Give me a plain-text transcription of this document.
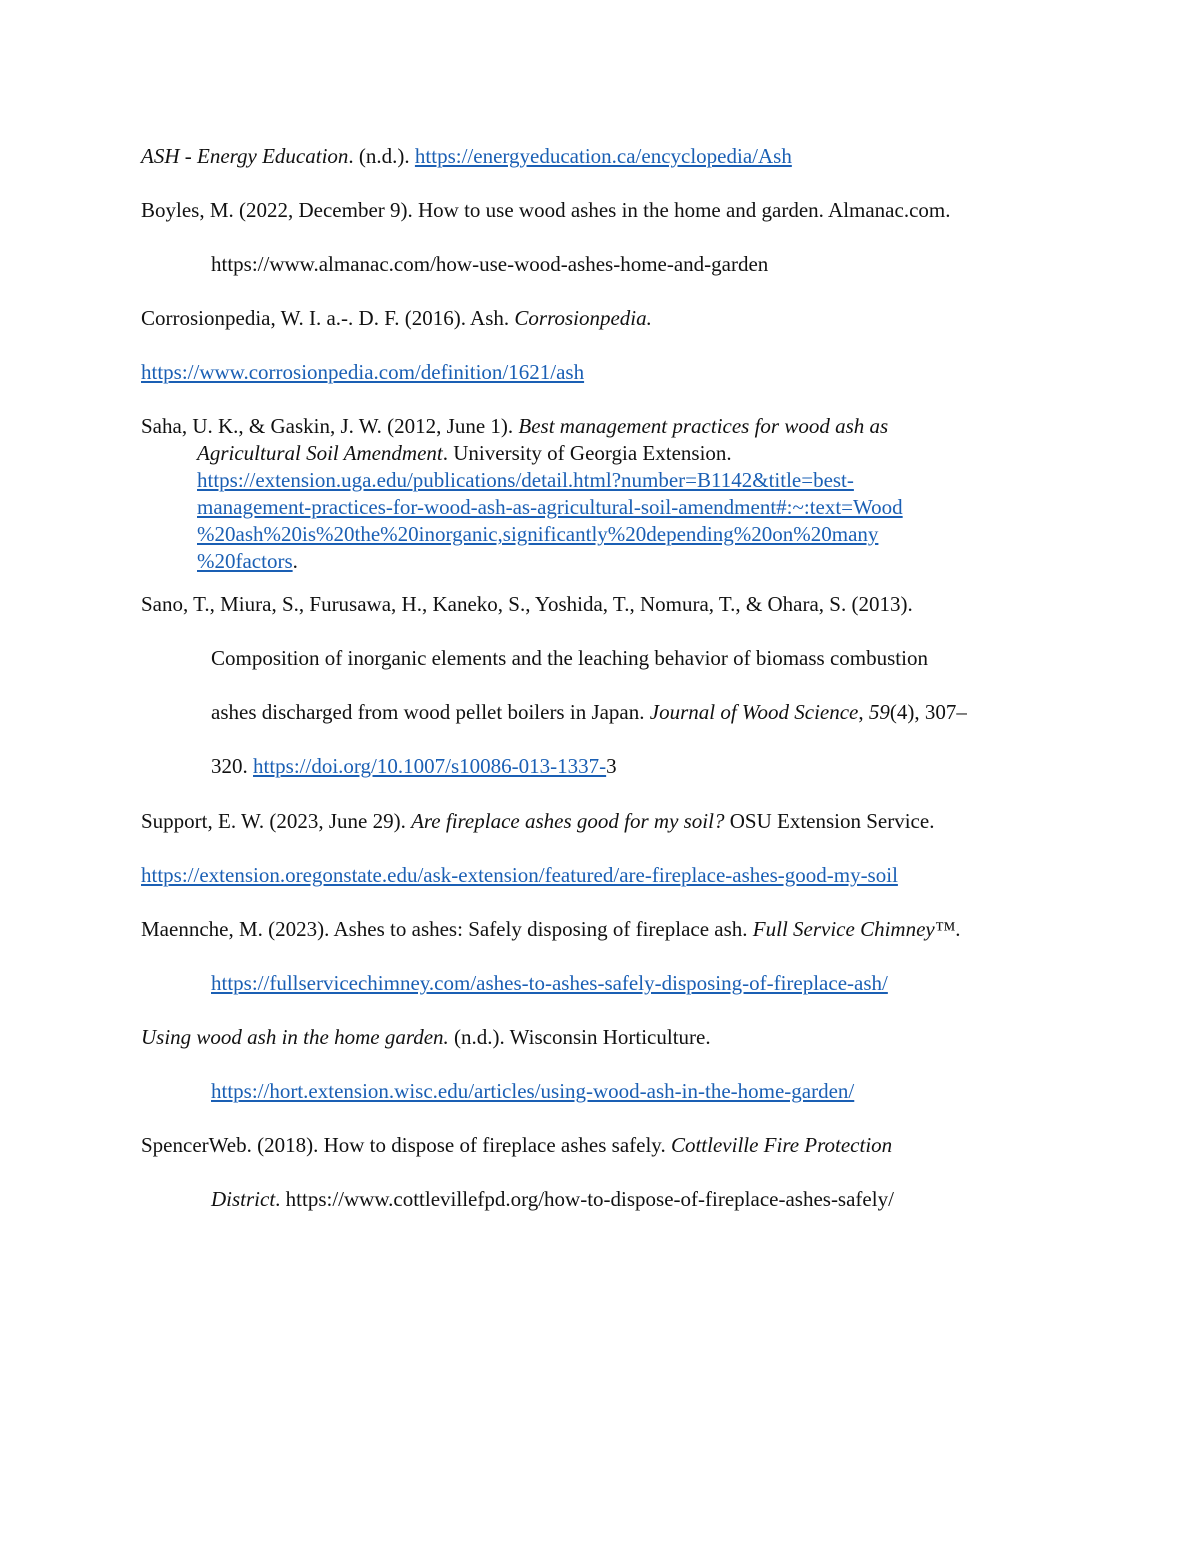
ASH - Energy Education. (n.d.). https://energyeducation.ca/encyclopedia/Ash
Boyles, M. (2022, December 9). How to use wood ashes in the home and garden. Almanac.com.
https://www.almanac.com/how-use-wood-ashes-home-and-garden
Corrosionpedia, W. I. a.-. D. F. (2016). Ash. Corrosionpedia.
https://www.corrosionpedia.com/definition/1621/ash
Saha, U. K., & Gaskin, J. W. (2012, June 1). Best management practices for wood ash as
Agricultural Soil Amendment. University of Georgia Extension.
https://extension.uga.edu/publications/detail.html?number=B1142&title=best-
management-practices-for-wood-ash-as-agricultural-soil-amendment#:~:text=Wood
%20ash%20is%20the%20inorganic,significantly%20depending%20on%20many
%20factors.
Sano, T., Miura, S., Furusawa, H., Kaneko, S., Yoshida, T., Nomura, T., & Ohara, S. (2013).
Composition of inorganic elements and the leaching behavior of biomass combustion
ashes discharged from wood pellet boilers in Japan. Journal of Wood Science, 59(4), 307–
320. https://doi.org/10.1007/s10086-013-1337-3
Support, E. W. (2023, June 29). Are fireplace ashes good for my soil? OSU Extension Service.
https://extension.oregonstate.edu/ask-extension/featured/are-fireplace-ashes-good-my-soil
Maennche, M. (2023). Ashes to ashes: Safely disposing of fireplace ash. Full Service Chimney™.
https://fullservicechimney.com/ashes-to-ashes-safely-disposing-of-fireplace-ash/
Using wood ash in the home garden. (n.d.). Wisconsin Horticulture.
https://hort.extension.wisc.edu/articles/using-wood-ash-in-the-home-garden/
SpencerWeb. (2018). How to dispose of fireplace ashes safely. Cottleville Fire Protection
District. https://www.cottlevillefpd.org/how-to-dispose-of-fireplace-ashes-safely/
